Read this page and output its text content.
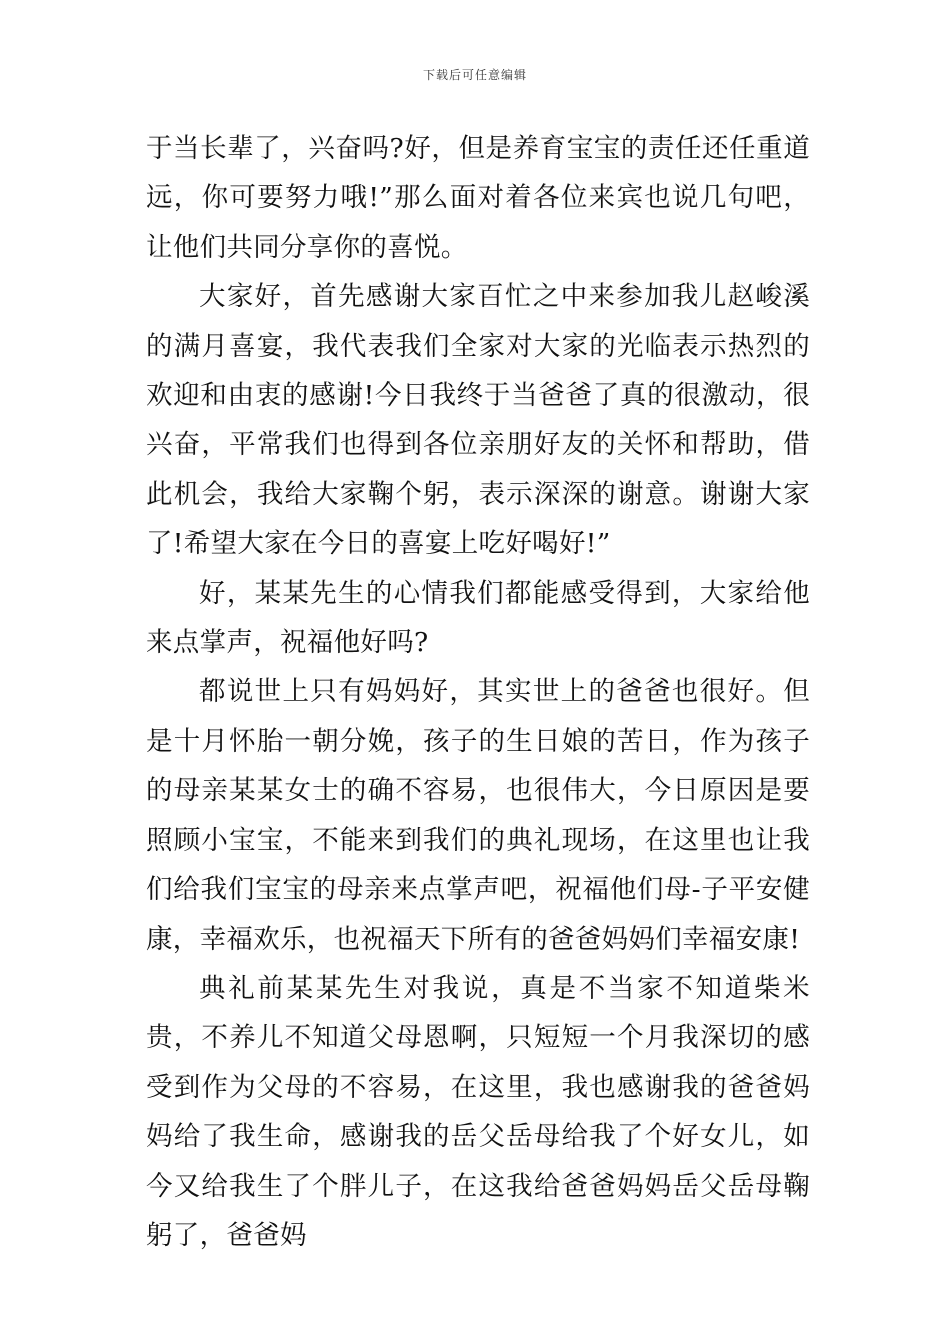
下载后可任意编辑

于当长辈了，兴奋吗?好，但是养育宝宝的责任还任重道远，你可要努力哦!”那么面对着各位来宾也说几句吧，让他们共同分享你的喜悦。

大家好，首先感谢大家百忙之中来参加我儿赵峻溪的满月喜宴，我代表我们全家对大家的光临表示热烈的欢迎和由衷的感谢!今日我终于当爸爸了真的很激动，很兴奋，平常我们也得到各位亲朋好友的关怀和帮助，借此机会，我给大家鞠个躬，表示深深的谢意。谢谢大家了!希望大家在今日的喜宴上吃好喝好!”

好，某某先生的心情我们都能感受得到，大家给他来点掌声，祝福他好吗?

都说世上只有妈妈好，其实世上的爸爸也很好。但是十月怀胎一朝分娩，孩子的生日娘的苦日，作为孩子的母亲某某女士的确不容易，也很伟大，今日原因是要照顾小宝宝，不能来到我们的典礼现场，在这里也让我们给我们宝宝的母亲来点掌声吧，祝福他们母-子平安健康，幸福欢乐，也祝福天下所有的爸爸妈妈们幸福安康!

典礼前某某先生对我说，真是不当家不知道柴米贵，不养儿不知道父母恩啊，只短短一个月我深切的感受到作为父母的不容易，在这里，我也感谢我的爸爸妈妈给了我生命，感谢我的岳父岳母给我了个好女儿，如今又给我生了个胖儿子，在这我给爸爸妈妈岳父岳母鞠躬了，爸爸妈
